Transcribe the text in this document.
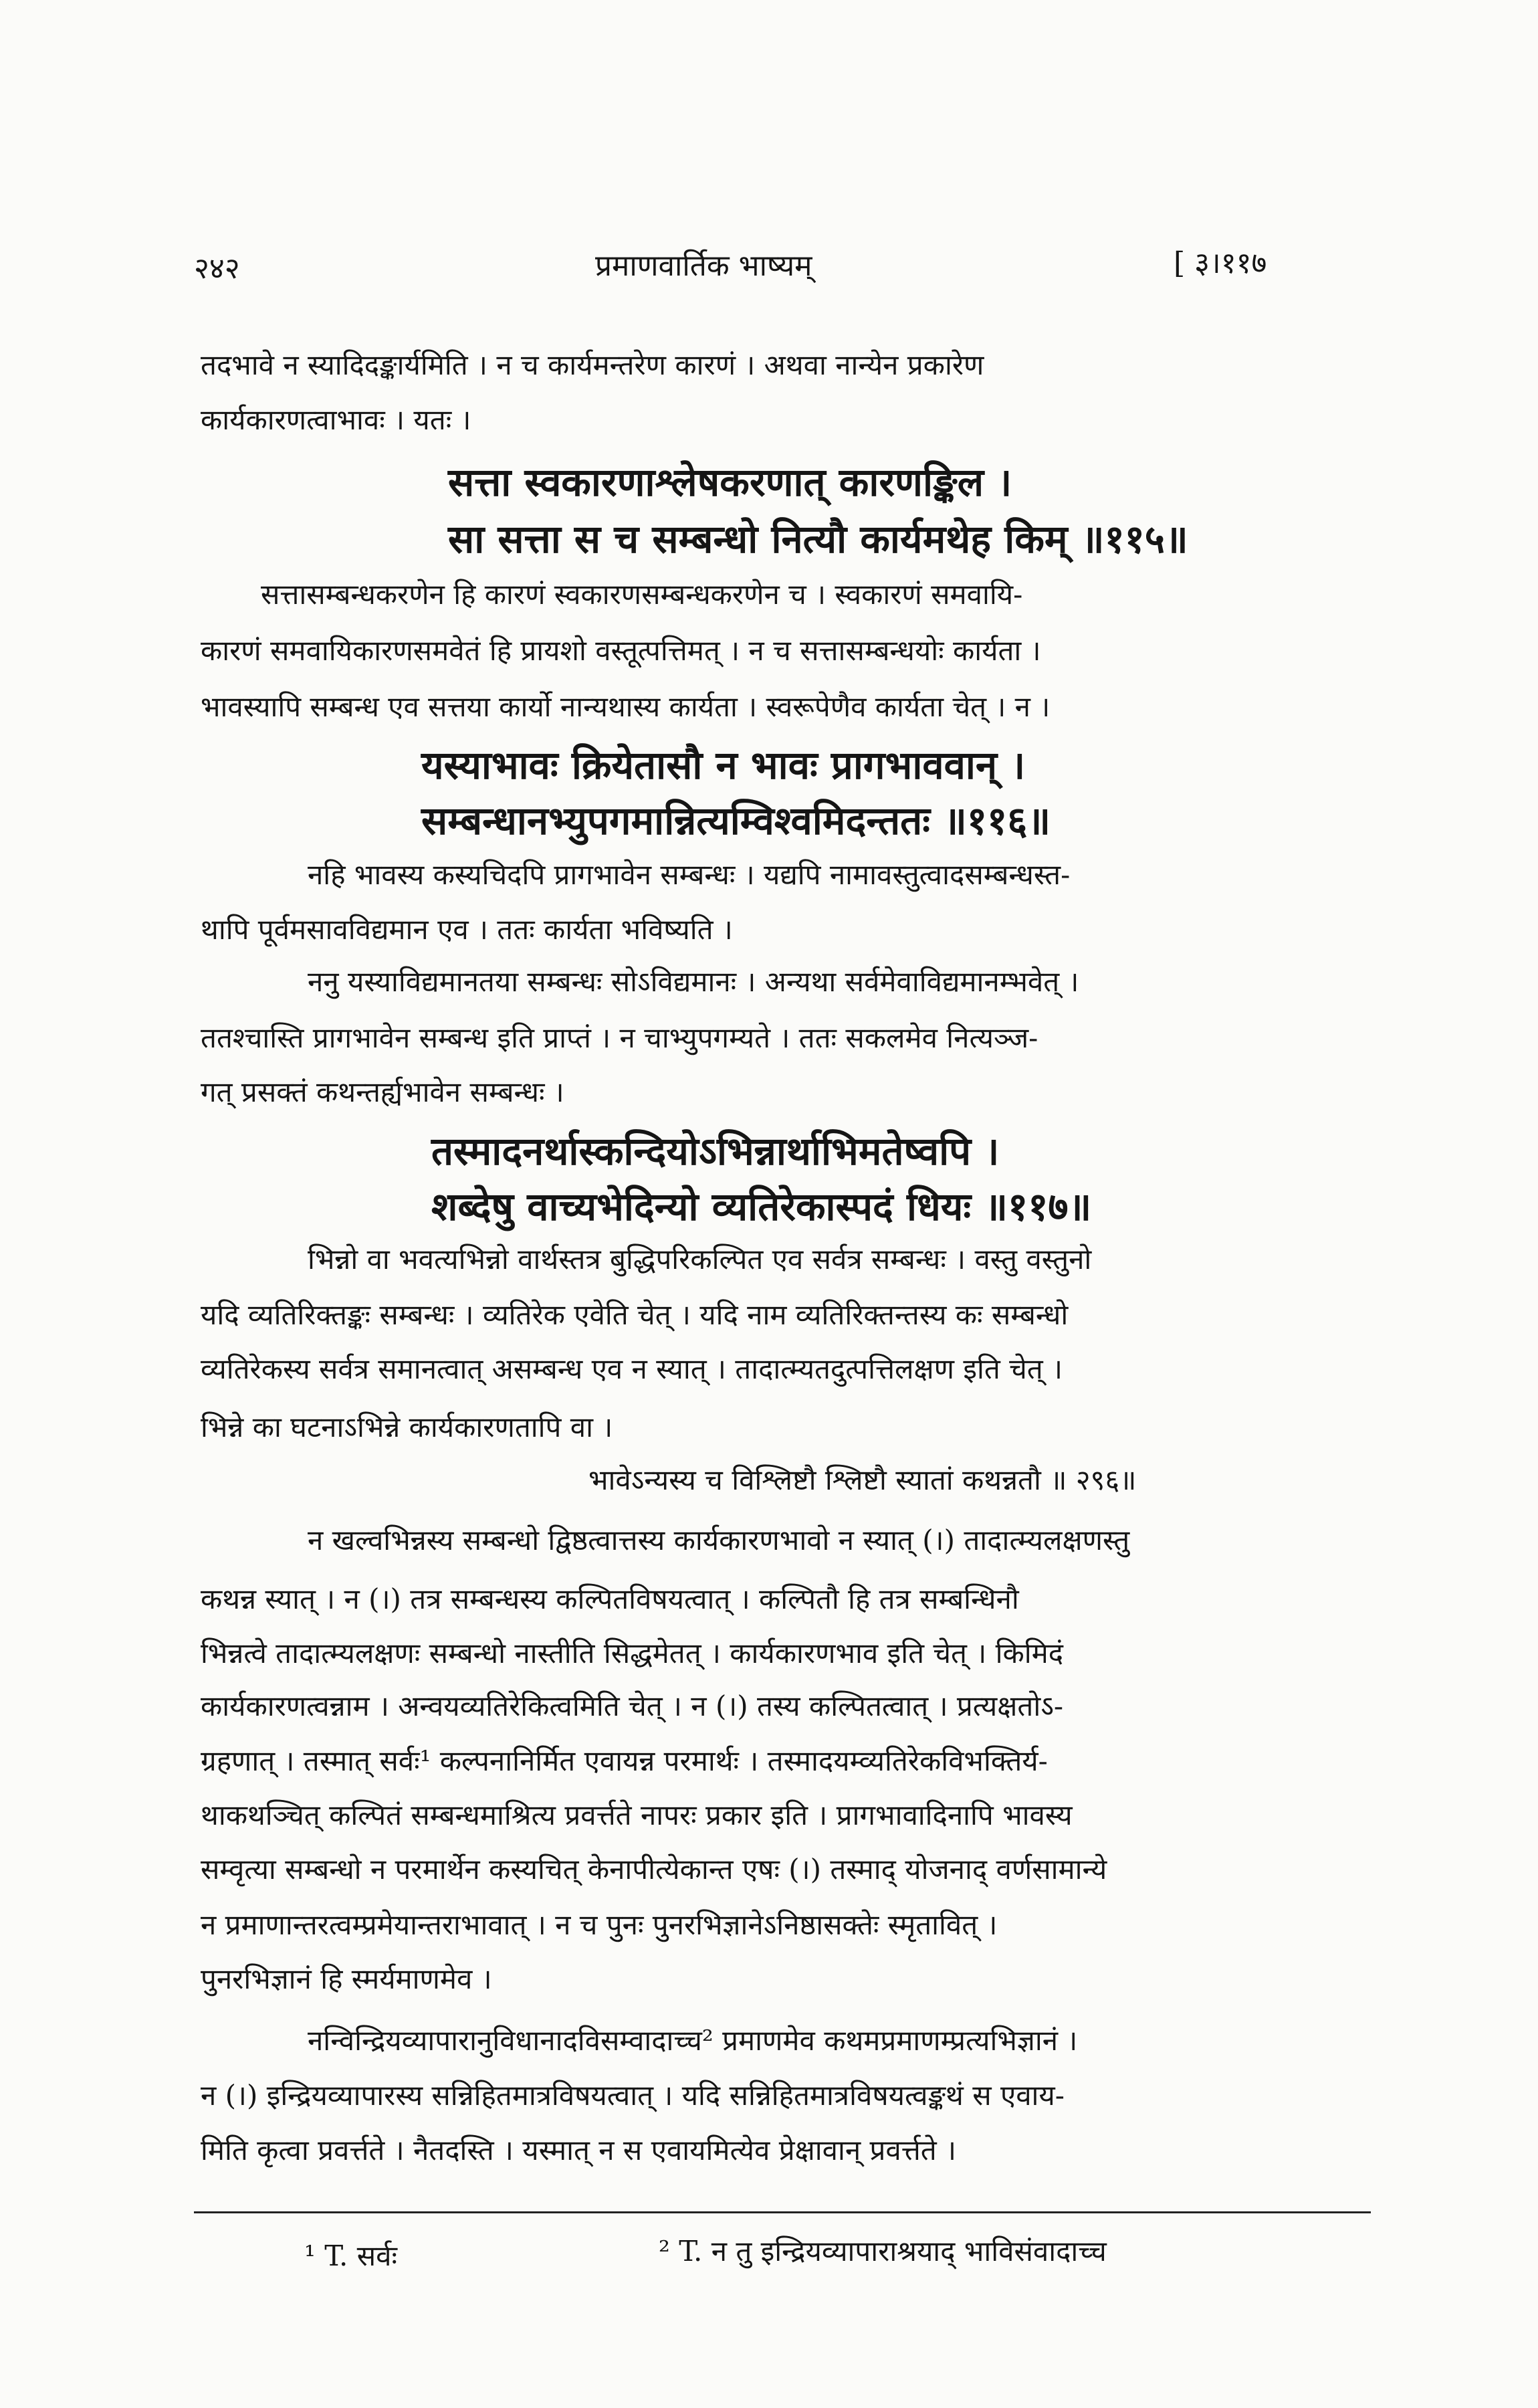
२४२	प्रमाणवार्तिक भाष्यम्	[ ३।११७
तदभावे न स्यादिदङ्कार्यमिति । न च कार्यमन्तरेण कारणं । अथवा नान्येन प्रकारेण
कार्यकारणत्वाभावः । यतः ।
सत्ता स्वकारणाश्लेषकरणात् कारणङ्किल ।
सा सत्ता स च सम्बन्धो नित्यौ कार्यमथेह किम् ॥११५॥
सत्तासम्बन्धकरणेन हि कारणं स्वकारणसम्बन्धकरणेन च । स्वकारणं समवायि-
कारणं समवायिकारणसमवेतं हि प्रायशो वस्तूत्पत्तिमत् । न च सत्तासम्बन्धयोः कार्यता ।
भावस्यापि सम्बन्ध एव सत्तया कार्यो नान्यथास्य कार्यता । स्वरूपेणैव कार्यता चेत् । न ।
यस्याभावः क्रियेतासौ न भावः प्रागभाववान् ।
सम्बन्धानभ्युपगमान्नित्यम्विश्वमिदन्ततः ॥११६॥
नहि भावस्य कस्यचिदपि प्रागभावेन सम्बन्धः । यद्यपि नामावस्तुत्वादसम्बन्धस्त-
थापि पूर्वमसावविद्यमान एव । ततः कार्यता भविष्यति ।
ननु यस्याविद्यमानतया सम्बन्धः सोऽविद्यमानः । अन्यथा सर्वमेवाविद्यमानम्भवेत् ।
ततश्चास्ति प्रागभावेन सम्बन्ध इति प्राप्तं । न चाभ्युपगम्यते । ततः सकलमेव नित्यञ्ज-
गत् प्रसक्तं कथन्तर्ह्यभावेन सम्बन्धः ।
तस्मादनर्थास्कन्दियोऽभिन्नार्थाभिमतेष्वपि ।
शब्देषु वाच्यभेदिन्यो व्यतिरेकास्पदं धियः ॥११७॥
भिन्नो वा भवत्यभिन्नो वार्थस्तत्र बुद्धिपरिकल्पित एव सर्वत्र सम्बन्धः । वस्तु वस्तुनो
यदि व्यतिरिक्तङ्कः सम्बन्धः । व्यतिरेक एवेति चेत् । यदि नाम व्यतिरिक्तन्तस्य कः सम्बन्धो
व्यतिरेकस्य सर्वत्र समानत्वात् असम्बन्ध एव न स्यात् । तादात्म्यतदुत्पत्तिलक्षण इति चेत् ।
भिन्ने का घटनाऽभिन्ने कार्यकारणतापि वा ।
भावेऽन्यस्य च विश्लिष्टौ श्लिष्टौ स्यातां कथन्नतौ ॥ २९६॥
न खल्वभिन्नस्य सम्बन्धो द्विष्ठत्वात्तस्य कार्यकारणभावो न स्यात् (।) तादात्म्यलक्षणस्तु
कथन्न स्यात् । न (।) तत्र सम्बन्धस्य कल्पितविषयत्वात् । कल्पितौ हि तत्र सम्बन्धिनौ
भिन्नत्वे तादात्म्यलक्षणः सम्बन्धो नास्तीति सिद्धमेतत् । कार्यकारणभाव इति चेत् । किमिदं
कार्यकारणत्वन्नाम । अन्वयव्यतिरेकित्वमिति चेत् । न (।) तस्य कल्पितत्वात् । प्रत्यक्षतोऽ-
ग्रहणात् । तस्मात् सर्वः¹ कल्पनानिर्मित एवायन्न परमार्थः । तस्मादयम्व्यतिरेकविभक्तिर्य-
थाकथञ्चित् कल्पितं सम्बन्धमाश्रित्य प्रवर्त्तते नापरः प्रकार इति । प्रागभावादिनापि भावस्य
सम्वृत्या सम्बन्धो न परमार्थेन कस्यचित् केनापीत्येकान्त एषः (।) तस्माद् योजनाद् वर्णसामान्ये
न प्रमाणान्तरत्वम्प्रमेयान्तराभावात् । न च पुनः पुनरभिज्ञानेऽनिष्ठासक्तेः स्मृतावित् ।
पुनरभिज्ञानं हि स्मर्यमाणमेव ।
नन्विन्द्रियव्यापारानुविधानादविसम्वादाच्च² प्रमाणमेव कथमप्रमाणम्प्रत्यभिज्ञानं ।
न (।) इन्द्रियव्यापारस्य सन्निहितमात्रविषयत्वात् । यदि सन्निहितमात्रविषयत्वङ्कथं स एवाय-
मिति कृत्वा प्रवर्त्तते । नैतदस्ति । यस्मात् न स एवायमित्येव प्रेक्षावान् प्रवर्त्तते ।
¹ T. सर्वः	² T. न तु इन्द्रियव्यापाराश्रयाद् भाविसंवादाच्च
